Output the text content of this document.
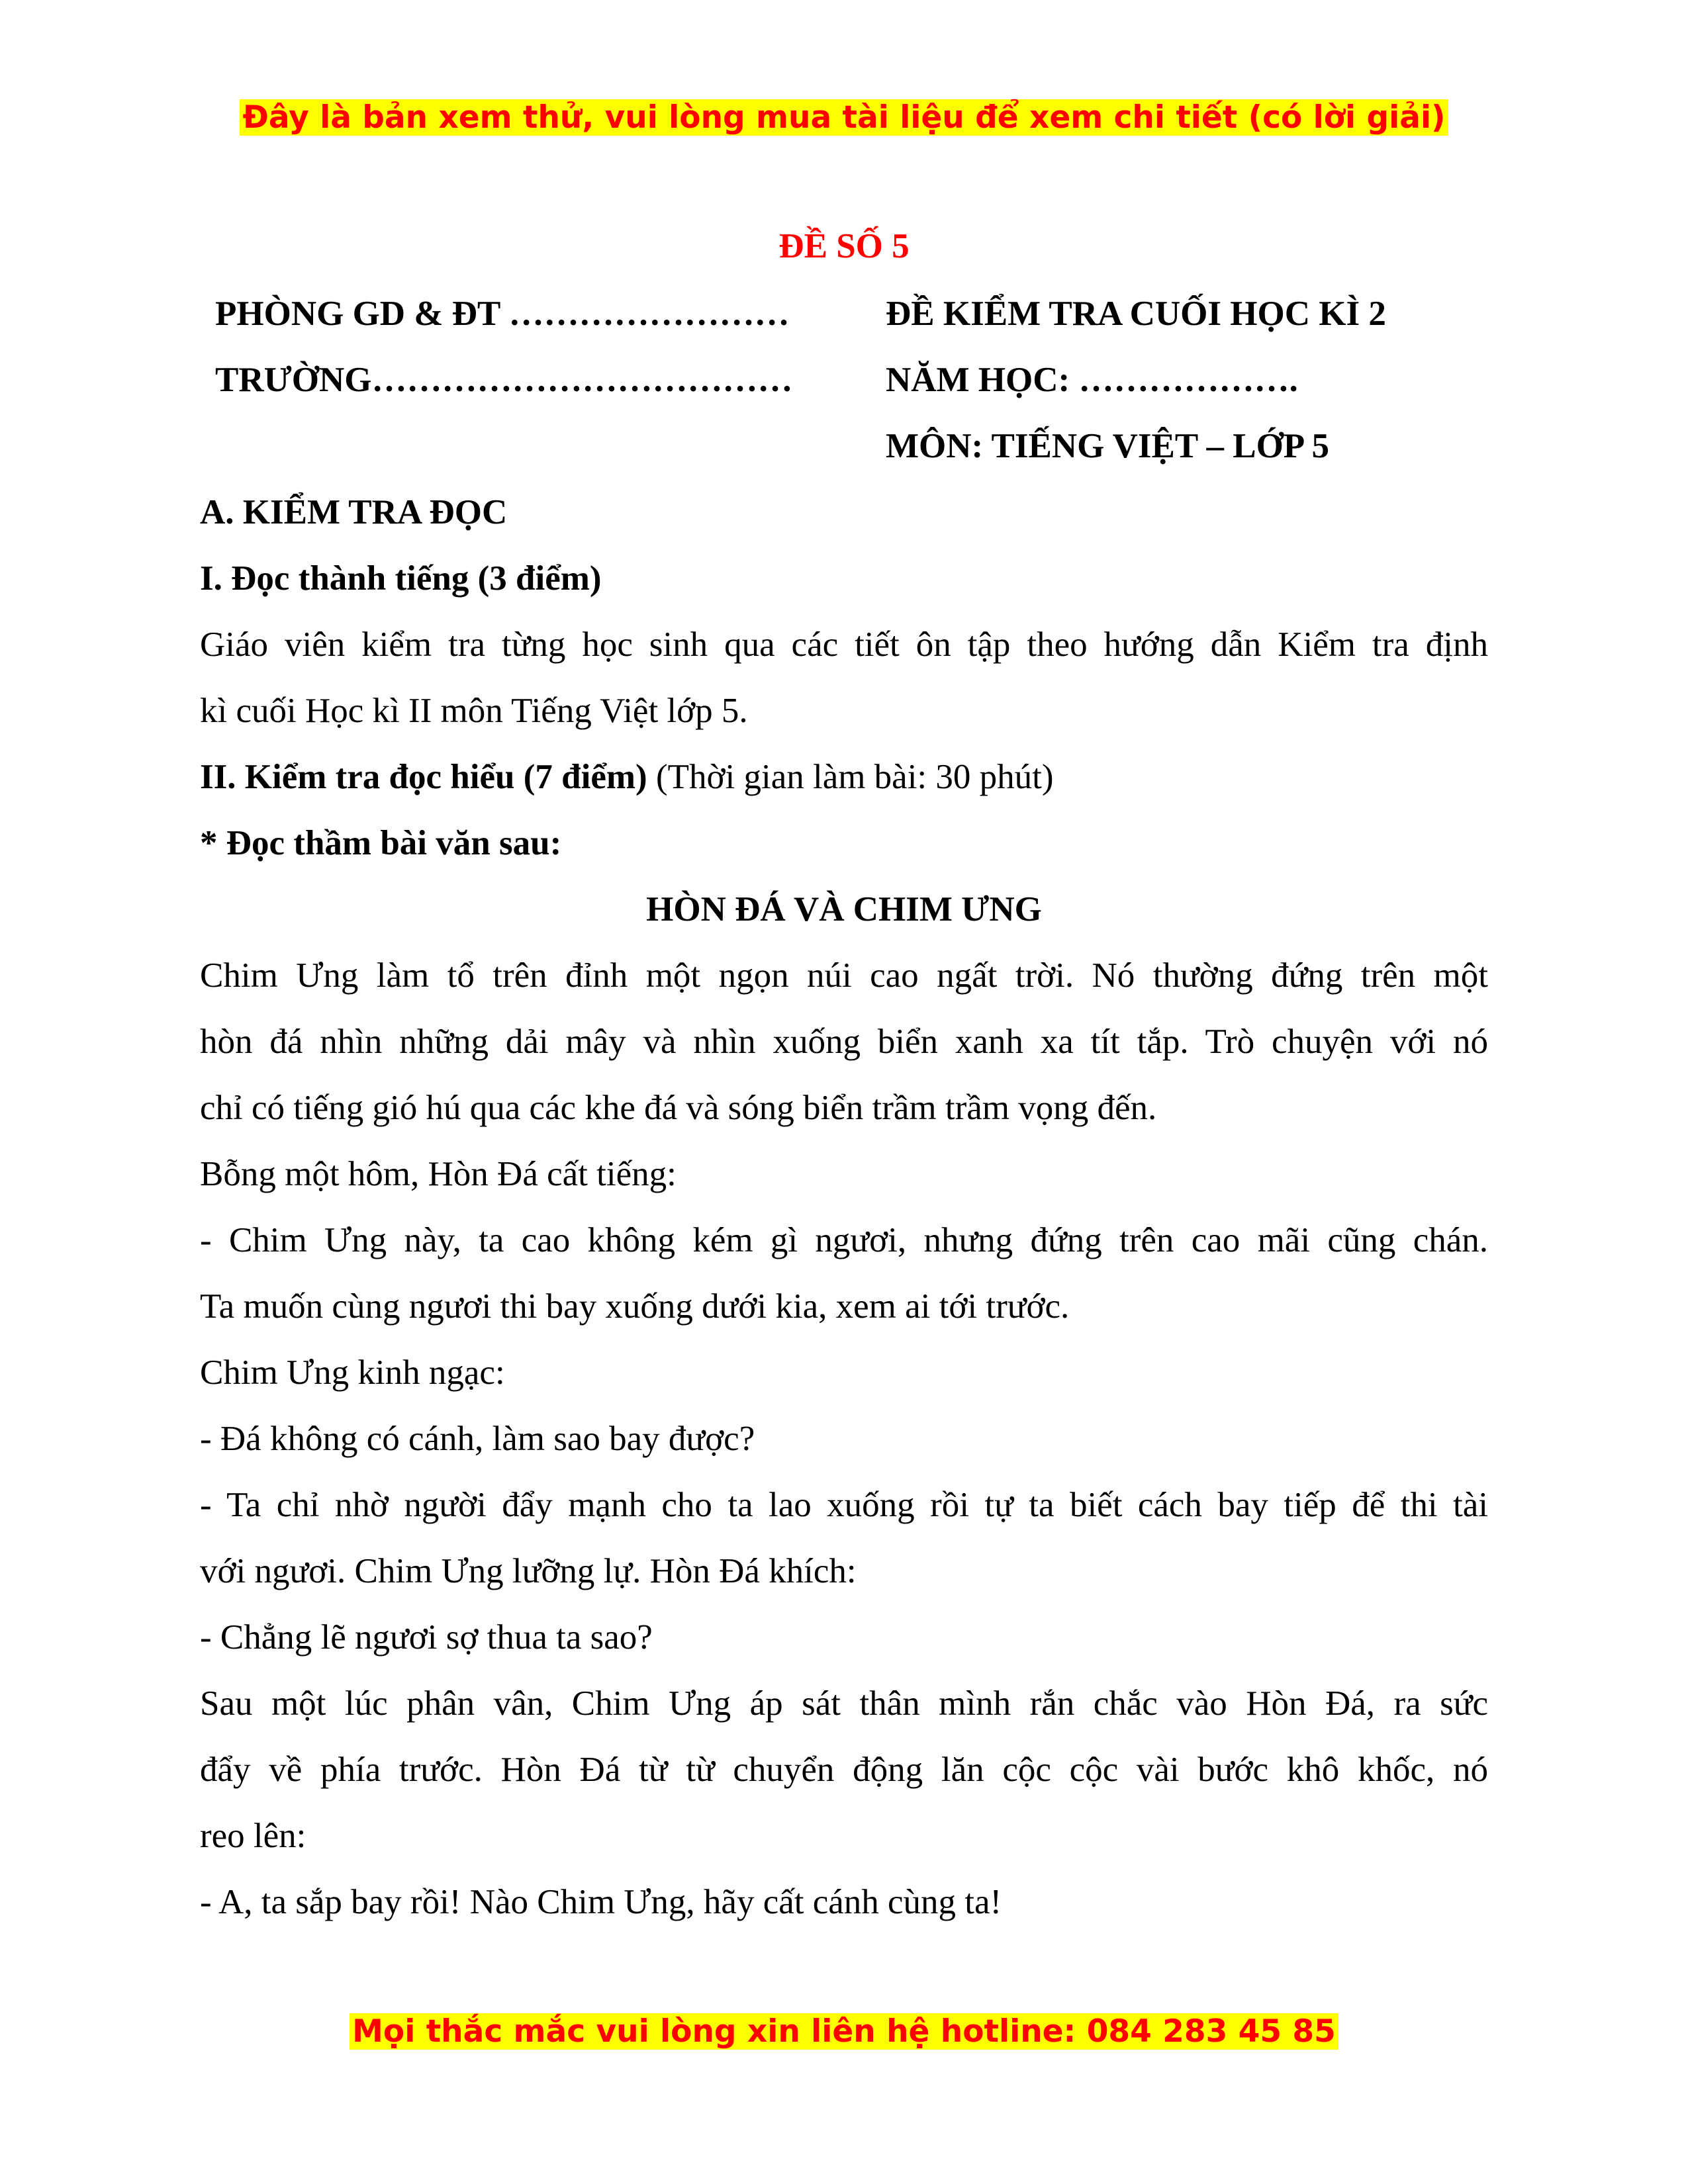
Đây là bản xem thử, vui lòng mua tài liệu để xem chi tiết (có lời giải)
ĐỀ SỐ 5
PHÒNG GD & ĐT ……………………
TRƯỜNG………………………………
ĐỀ KIỂM TRA CUỐI HỌC KÌ 2
NĂM HỌC: ……………….
MÔN: TIẾNG VIỆT – LỚP 5
A. KIỂM TRA ĐỌC
I. Đọc thành tiếng (3 điểm)
Giáo viên kiểm tra từng học sinh qua các tiết ôn tập theo hướng dẫn Kiểm tra định
kì cuối Học kì II môn Tiếng Việt lớp 5.
II. Kiểm tra đọc hiểu (7 điểm) (Thời gian làm bài: 30 phút)
* Đọc thầm bài văn sau:
HÒN ĐÁ VÀ CHIM ƯNG
Chim Ưng làm tổ trên đỉnh một ngọn núi cao ngất trời. Nó thường đứng trên một
hòn đá nhìn những dải mây và nhìn xuống biển xanh xa tít tắp. Trò chuyện với nó
chỉ có tiếng gió hú qua các khe đá và sóng biển trầm trầm vọng đến.
Bỗng một hôm, Hòn Đá cất tiếng:
- Chim Ưng này, ta cao không kém gì ngươi, nhưng đứng trên cao mãi cũng chán.
Ta muốn cùng ngươi thi bay xuống dưới kia, xem ai tới trước.
Chim Ưng kinh ngạc:
- Đá không có cánh, làm sao bay được?
- Ta chỉ nhờ người đẩy mạnh cho ta lao xuống rồi tự ta biết cách bay tiếp để thi tài
với ngươi. Chim Ưng lưỡng lự. Hòn Đá khích:
- Chẳng lẽ ngươi sợ thua ta sao?
Sau một lúc phân vân, Chim Ưng áp sát thân mình rắn chắc vào Hòn Đá, ra sức
đẩy về phía trước. Hòn Đá từ từ chuyển động lăn cộc cộc vài bước khô khốc, nó
reo lên:
- A, ta sắp bay rồi! Nào Chim Ưng, hãy cất cánh cùng ta!
Mọi thắc mắc vui lòng xin liên hệ hotline: 084 283 45 85
